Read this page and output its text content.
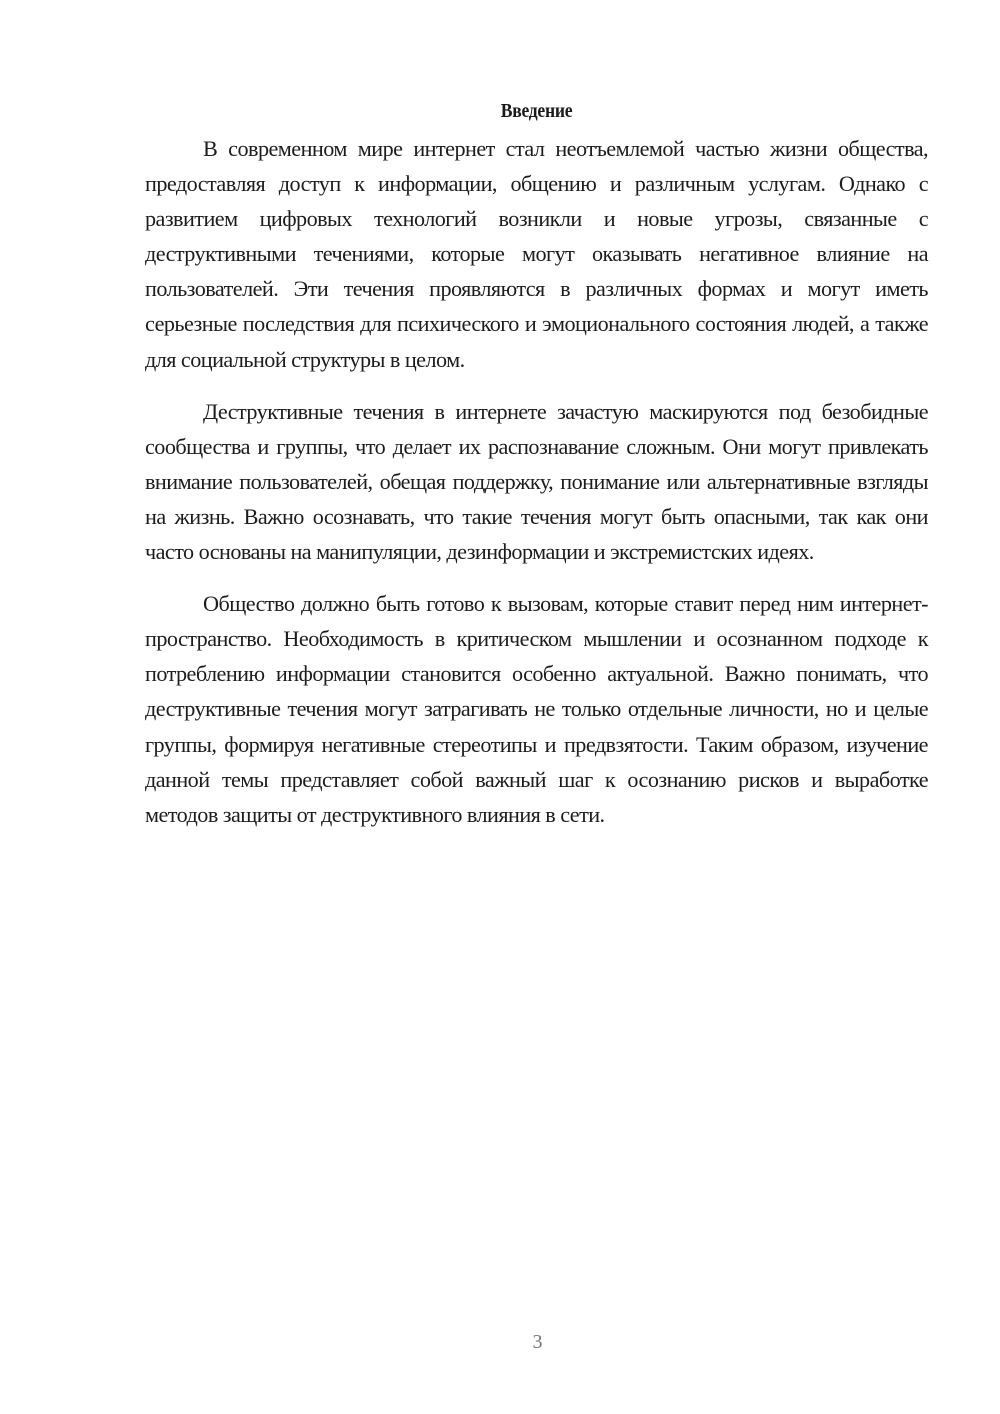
Введение

В современном мире интернет стал неотъемлемой частью жизни общества, предоставляя доступ к информации, общению и различным услугам. Однако с развитием цифровых технологий возникли и новые угрозы, связанные с деструктивными течениями, которые могут оказывать негативное влияние на пользователей. Эти течения проявляются в различных формах и могут иметь серьезные последствия для психического и эмоционального состояния людей, а также для социальной структуры в целом.

Деструктивные течения в интернете зачастую маскируются под безобидные сообщества и группы, что делает их распознавание сложным. Они могут привлекать внимание пользователей, обещая поддержку, понимание или альтернативные взгляды на жизнь. Важно осознавать, что такие течения могут быть опасными, так как они часто основаны на манипуляции, дезинформации и экстремистских идеях.

Общество должно быть готово к вызовам, которые ставит перед ним интернет-пространство. Необходимость в критическом мышлении и осознанном подходе к потреблению информации становится особенно актуальной. Важно понимать, что деструктивные течения могут затрагивать не только отдельные личности, но и целые группы, формируя негативные стереотипы и предвзятости. Таким образом, изучение данной темы представляет собой важный шаг к осознанию рисков и выработке методов защиты от деструктивного влияния в сети.

3
